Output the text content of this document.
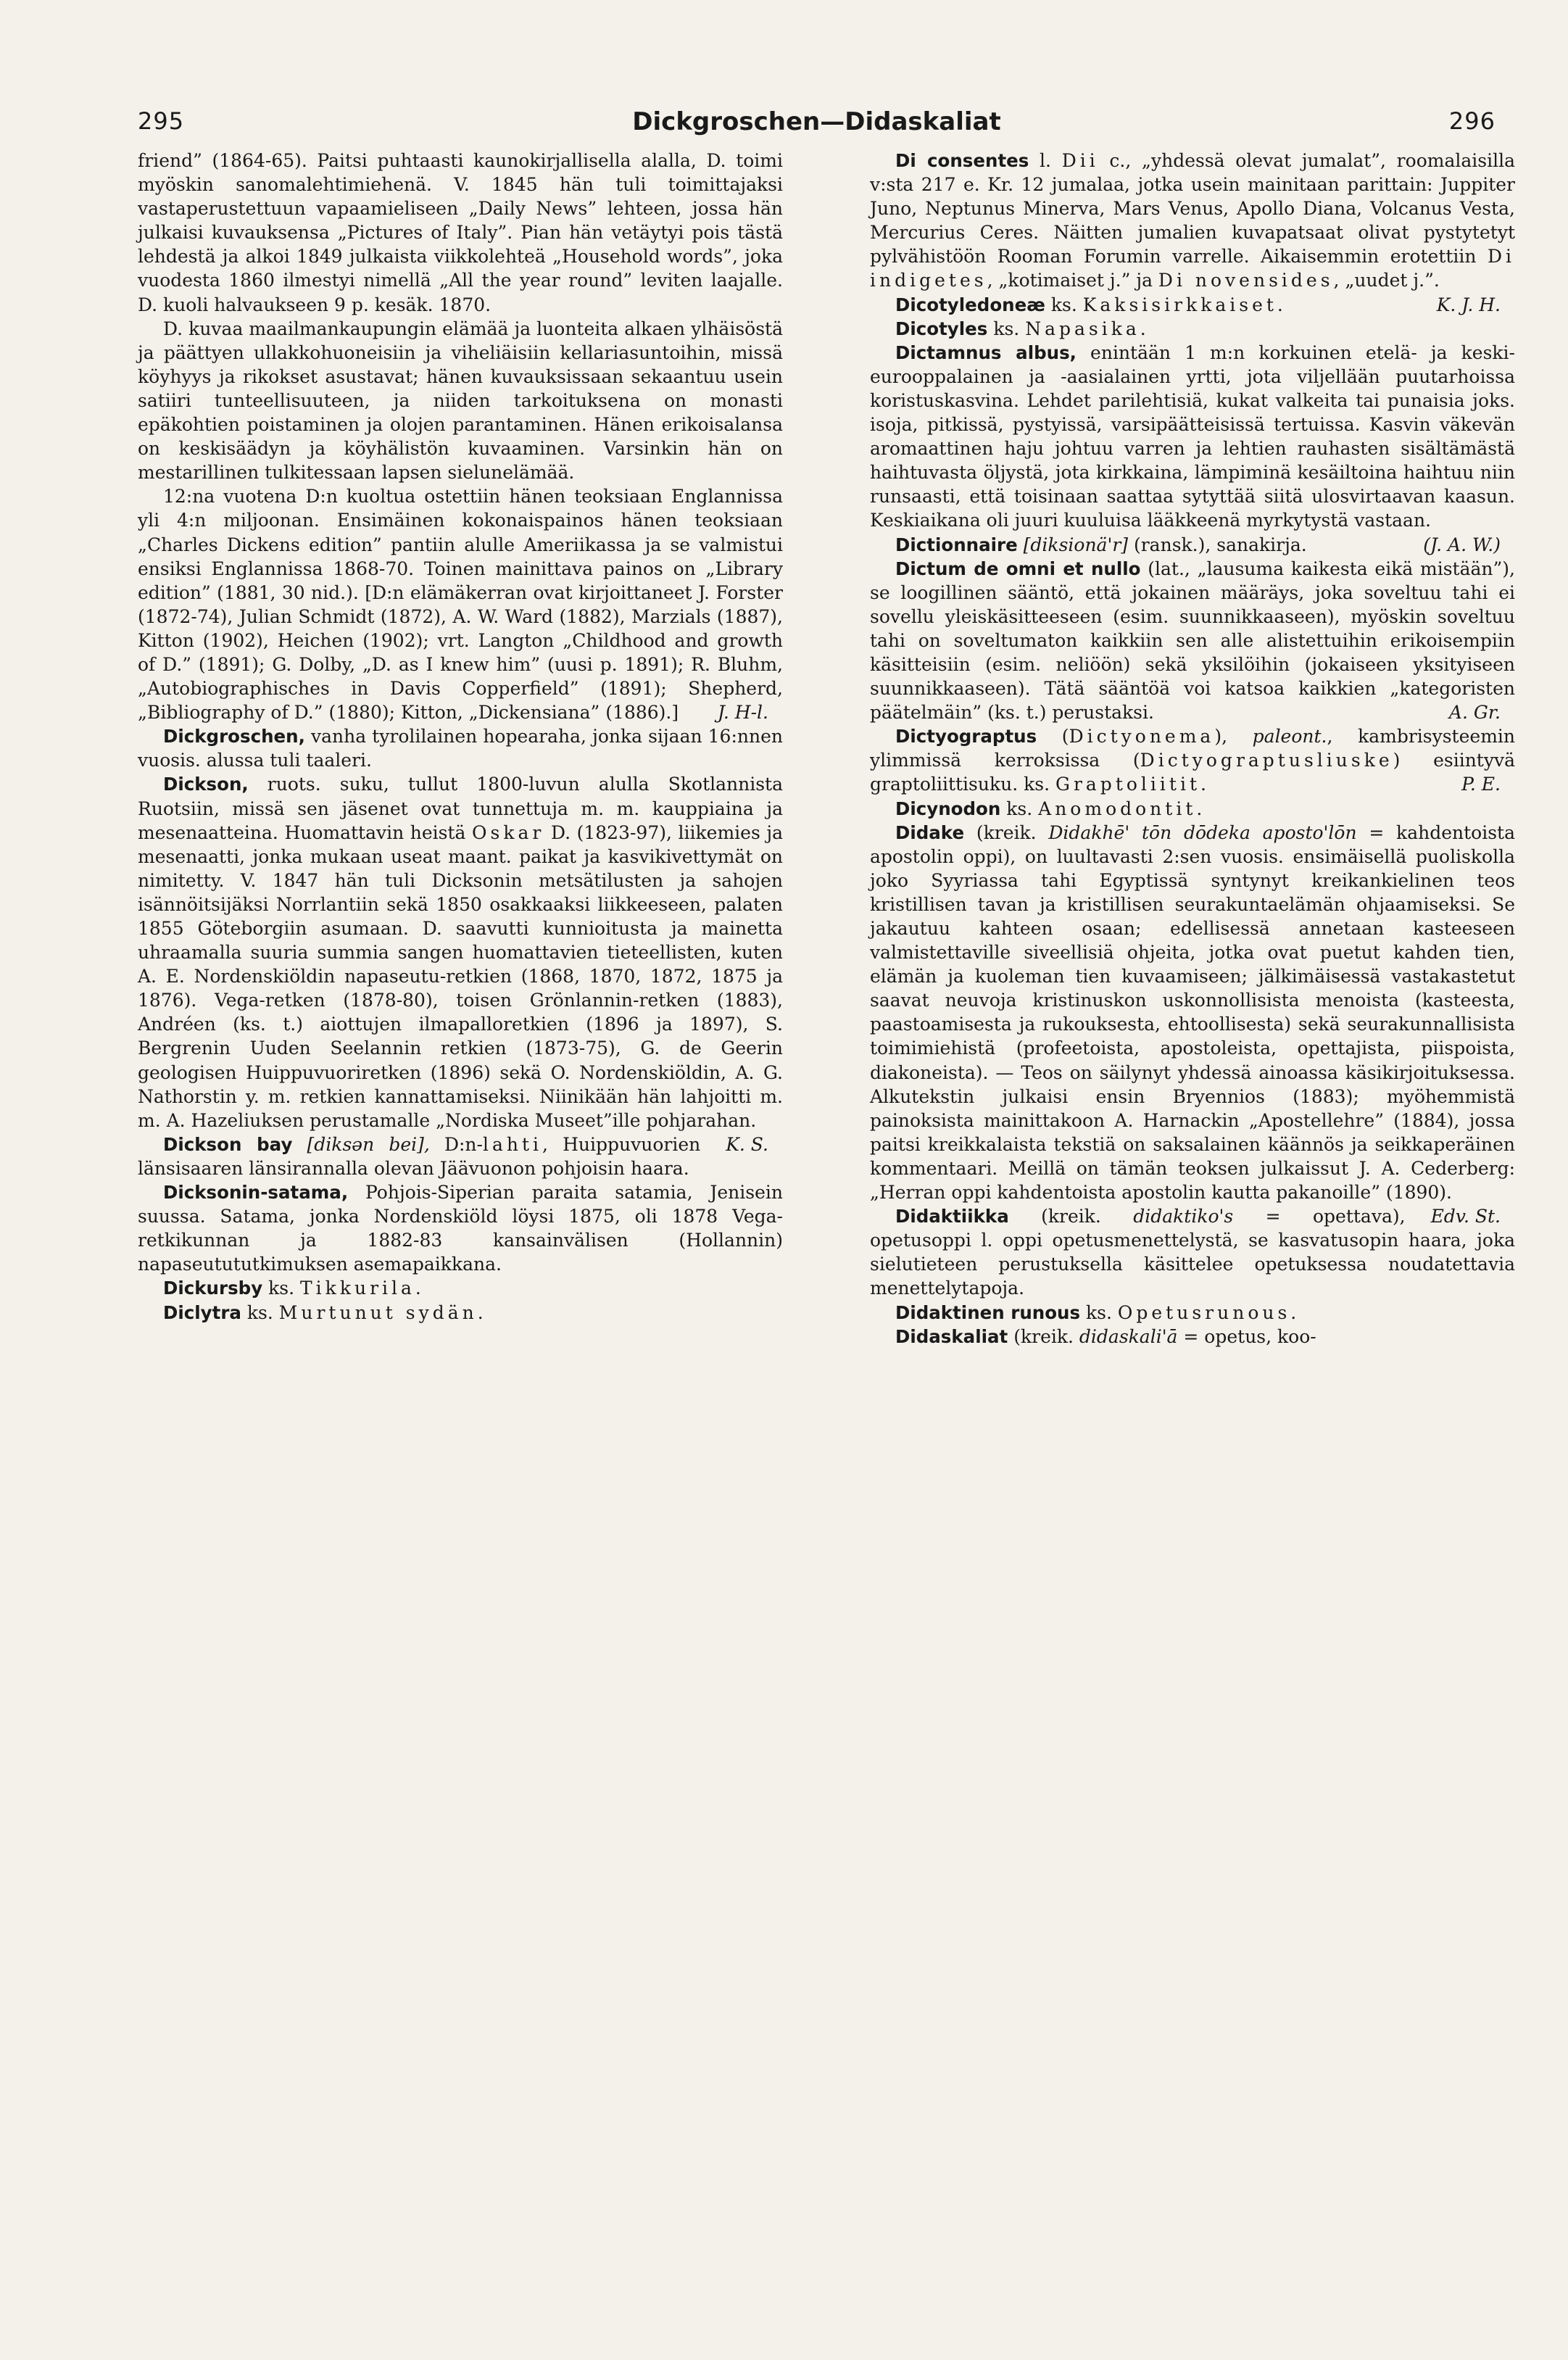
295	Dickgroschen—Didaskaliat	296

friend” (1864-65). Paitsi puhtaasti kaunokirjallisella alalla, D. toimi myöskin sanomalehtimiehenä. V. 1845 hän tuli toimittajaksi vastaperustettuun vapaamieliseen „Daily News” lehteen, jossa hän julkaisi kuvauksensa „Pictures of Italy”. Pian hän vetäytyi pois tästä lehdestä ja alkoi 1849 julkaista viikkolehteä „Household words”, joka vuodesta 1860 ilmestyi nimellä „All the year round” leviten laajalle. D. kuoli halvaukseen 9 p. kesäk. 1870.

D. kuvaa maailmankaupungin elämää ja luonteita alkaen ylhäisöstä ja päättyen ullakkohuoneisiin ja viheliäisiin kellariasuntoihin, missä köyhyys ja rikokset asustavat; hänen kuvauksissaan sekaantuu usein satiiri tunteellisuuteen, ja niiden tarkoituksena on monasti epäkohtien poistaminen ja olojen parantaminen. Hänen erikoisalansa on keskisäädyn ja köyhälistön kuvaaminen. Varsinkin hän on mestarillinen tulkitessaan lapsen sielunelämää.

12:na vuotena D:n kuoltua ostettiin hänen teoksiaan Englannissa yli 4:n miljoonan. Ensimäinen kokonaispainos hänen teoksiaan „Charles Dickens edition” pantiin alulle Ameriikassa ja se valmistui ensiksi Englannissa 1868-70. Toinen mainittava painos on „Library edition” (1881, 30 nid.). [D:n elämäkerran ovat kirjoittaneet J. Forster (1872-74), Julian Schmidt (1872), A. W. Ward (1882), Marzials (1887), Kitton (1902), Heichen (1902); vrt. Langton „Childhood and growth of D.” (1891); G. Dolby, „D. as I knew him” (uusi p. 1891); R. Bluhm, „Autobiographisches in Davis Copperfield” (1891); Shepherd, „Bibliography of D.” (1880); Kitton, „Dickensiana” (1886).]	J. H-l.

Dickgroschen, vanha tyrolilainen hopearaha, jonka sijaan 16:nnen vuosis. alussa tuli taaleri.

Dickson, ruots. suku, tullut 1800-luvun alulla Skotlannista Ruotsiin, missä sen jäsenet ovat tunnettuja m. m. kauppiaina ja mesenaatteina. Huomattavin heistä Oskar D. (1823-97), liikemies ja mesenaatti, jonka mukaan useat maant. paikat ja kasvikivettymät on nimitetty. V. 1847 hän tuli Dicksonin metsätilusten ja sahojen isännöitsijäksi Norrlantiin sekä 1850 osakkaaksi liikkeeseen, palaten 1855 Göteborgiin asumaan. D. saavutti kunnioitusta ja mainetta uhraamalla suuria summia sangen huomattavien tieteellisten, kuten A. E. Nordenskiöldin napaseutu-retkien (1868, 1870, 1872, 1875 ja 1876). Vega-retken (1878-80), toisen Grönlannin-retken (1883), Andréen (ks. t.) aiottujen ilmapalloretkien (1896 ja 1897), S. Bergrenin Uuden Seelannin retkien (1873-75), G. de Geerin geologisen Huippuvuoriretken (1896) sekä O. Nordenskiöldin, A. G. Nathorstin y. m. retkien kannattamiseksi. Niinikään hän lahjoitti m. m. A. Hazeliuksen perustamalle „Nordiska Museet”ille pohjarahan.
K. S.

Dickson bay [diksən bei], D:n-lahti, Huippuvuorien länsisaaren länsirannalla olevan Jäävuonon pohjoisin haara.

Dicksonin-satama, Pohjois-Siperian paraita satamia, Jenisein suussa. Satama, jonka Nordenskiöld löysi 1875, oli 1878 Vega-retkikunnan ja 1882-83 kansainvälisen (Hollannin) napaseutututkimuksen asemapaikkana.

Dickursby ks. Tikkurila.

Diclytra ks. Murtunut sydän.

Di consentes l. Dii c., „yhdessä olevat jumalat”, roomalaisilla v:sta 217 e. Kr. 12 jumalaa, jotka usein mainitaan parittain: Juppiter Juno, Neptunus Minerva, Mars Venus, Apollo Diana, Volcanus Vesta, Mercurius Ceres. Näitten jumalien kuvapatsaat olivat pystytetyt pylvähistöön Rooman Forumin varrelle. Aikaisemmin erotettiin Di indigetes, „kotimaiset j.” ja Di novensides, „uudet j.”.
K. J. H.

Dicotyledoneæ ks. Kaksisirkkaiset.

Dicotyles ks. Napasika.

Dictamnus albus, enintään 1 m:n korkuinen etelä- ja keski-eurooppalainen ja -aasialainen yrtti, jota viljellään puutarhoissa koristuskasvina. Lehdet parilehtisiä, kukat valkeita tai punaisia joks. isoja, pitkissä, pystyissä, varsipäätteisissä tertuissa. Kasvin väkevän aromaattinen haju johtuu varren ja lehtien rauhasten sisältämästä haihtuvasta öljystä, jota kirkkaina, lämpiminä kesäiltoina haihtuu niin runsaasti, että toisinaan saattaa sytyttää siitä ulosvirtaavan kaasun. Keskiaikana oli juuri kuuluisa lääkkeenä myrkytystä vastaan.
(J. A. W.)

Dictionnaire [diksionä'r] (ransk.), sanakirja.

Dictum de omni et nullo (lat., „lausuma kaikesta eikä mistään”), se loogillinen sääntö, että jokainen määräys, joka soveltuu tahi ei sovellu yleiskäsitteeseen (esim. suunnikkaaseen), myöskin soveltuu tahi on soveltumaton kaikkiin sen alle alistettuihin erikoisempiin käsitteisiin (esim. neliöön) sekä yksilöihin (jokaiseen yksityiseen suunnikkaaseen). Tätä sääntöä voi katsoa kaikkien „kategoristen päätelmäin” (ks. t.) perustaksi.	A. Gr.

Dictyograptus (Dictyonema), paleont., kambrisysteemin ylimmissä kerroksissa (Dictyograptusliuske) esiintyvä graptoliittisuku. ks. Graptoliitit.	P. E.

Dicynodon ks. Anomodontit.

Didake (kreik. Didakhē' tōn dōdeka aposto'lōn = kahdentoista apostolin oppi), on luultavasti 2:sen vuosis. ensimäisellä puoliskolla joko Syyriassa tahi Egyptissä syntynyt kreikankielinen teos kristillisen tavan ja kristillisen seurakuntaelämän ohjaamiseksi. Se jakautuu kahteen osaan; edellisessä annetaan kasteeseen valmistettaville siveellisiä ohjeita, jotka ovat puetut kahden tien, elämän ja kuoleman tien kuvaamiseen; jälkimäisessä vastakastetut saavat neuvoja kristinuskon uskonnollisista menoista (kasteesta, paastoamisesta ja rukouksesta, ehtoollisesta) sekä seurakunnallisista toimimiehistä (profeetoista, apostoleista, opettajista, piispoista, diakoneista). — Teos on säilynyt yhdessä ainoassa käsikirjoituksessa. Alkutekstin julkaisi ensin Bryennios (1883); myöhemmistä painoksista mainittakoon A. Harnackin „Apostellehre” (1884), jossa paitsi kreikkalaista tekstiä on saksalainen käännös ja seikkaperäinen kommentaari. Meillä on tämän teoksen julkaissut J. A. Cederberg: „Herran oppi kahdentoista apostolin kautta pakanoille” (1890).
Edv. St.

Didaktiikka (kreik. didaktiko's = opettava), opetusoppi l. oppi opetusmenettelystä, se kasvatusopin haara, joka sielutieteen perustuksella käsittelee opetuksessa noudatettavia menettelytapoja.

Didaktinen runous ks. Opetusrunous.

Didaskaliat (kreik. didaskali'ā = opetus, koo-
